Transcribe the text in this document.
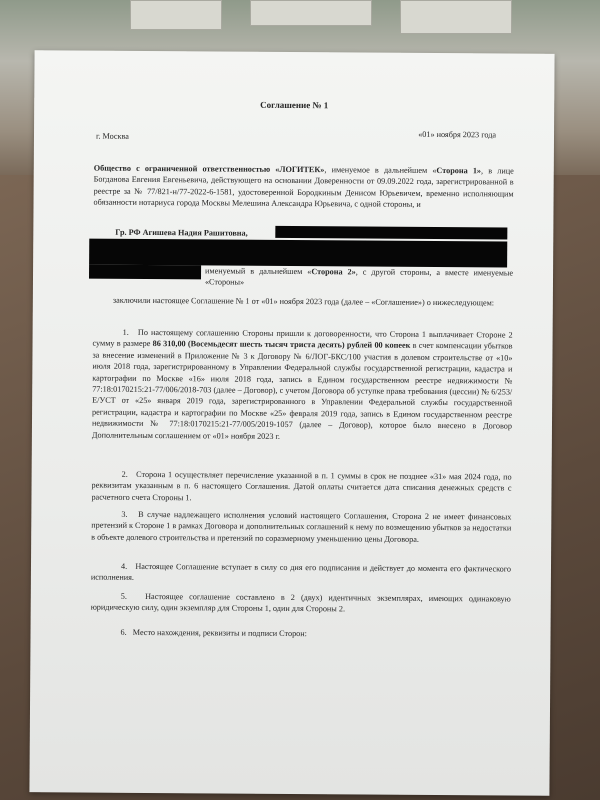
Соглашение № 1
г. Москва	«01» ноября 2023 года
Общество с ограниченной ответственностью «ЛОГИТЕК», именуемое в дальнейшем «Сторона 1», в лице Богданова Евгения Евгеньевича, действующего на основании Доверенности от 09.09.2022 года, зарегистрированной в реестре за № 77/821-н/77-2022-6-1581, удостоверенной Бородкиным Денисом Юрьевичем, временно исполняющим обязанности нотариуса города Москвы Мелешина Александра Юрьевича, с одной стороны, и
Гр. РФ Агишева Надия Рашитовна,
именуемый в дальнейшем «Сторона 2», с другой стороны, а вместе именуемые «Стороны»
заключили настоящее Соглашение № 1 от «01» ноября 2023 года (далее – «Соглашение») о нижеследующем:
1. По настоящему соглашению Стороны пришли к договоренности, что Сторона 1 выплачивает Стороне 2 сумму в размере 86 310,00 (Восемьдесят шесть тысяч триста десять) рублей 00 копеек в счет компенсации убытков за внесение изменений в Приложение № 3 к Договору № 6/ЛОГ-БКС/100 участия в долевом строительстве от «10» июля 2018 года, зарегистрированному в Управлении Федеральной службы государственной регистрации, кадастра и картографии по Москве «16» июля 2018 года, запись в Едином государственном реестре недвижимости № 77:18:0170215:21-77/006/2018-703 (далее – Договор), с учетом Договора об уступке права требования (цессии) № 6/253/Е/УСТ от «25» января 2019 года, зарегистрированного в Управлении Федеральной службы государственной регистрации, кадастра и картографии по Москве «25» февраля 2019 года, запись в Едином государственном реестре недвижимости № 77:18:0170215:21-77/005/2019-1057 (далее – Договор), которое было внесено в Договор Дополнительным соглашением от «01» ноября 2023 г.
2. Сторона 1 осуществляет перечисление указанной в п. 1 суммы в срок не позднее «31» мая 2024 года, по реквизитам указанным в п. 6 настоящего Соглашения. Датой оплаты считается дата списания денежных средств с расчетного счета Стороны 1.
3. В случае надлежащего исполнения условий настоящего Соглашения, Сторона 2 не имеет финансовых претензий к Стороне 1 в рамках Договора и дополнительных соглашений к нему по возмещению убытков за недостатки в объекте долевого строительства и претензий по соразмерному уменьшению цены Договора.
4. Настоящее Соглашение вступает в силу со дня его подписания и действует до момента его фактического исполнения.
5. Настоящее соглашение составлено в 2 (двух) идентичных экземплярах, имеющих одинаковую юридическую силу, один экземпляр для Стороны 1, один для Стороны 2.
6. Место нахождения, реквизиты и подписи Сторон:
